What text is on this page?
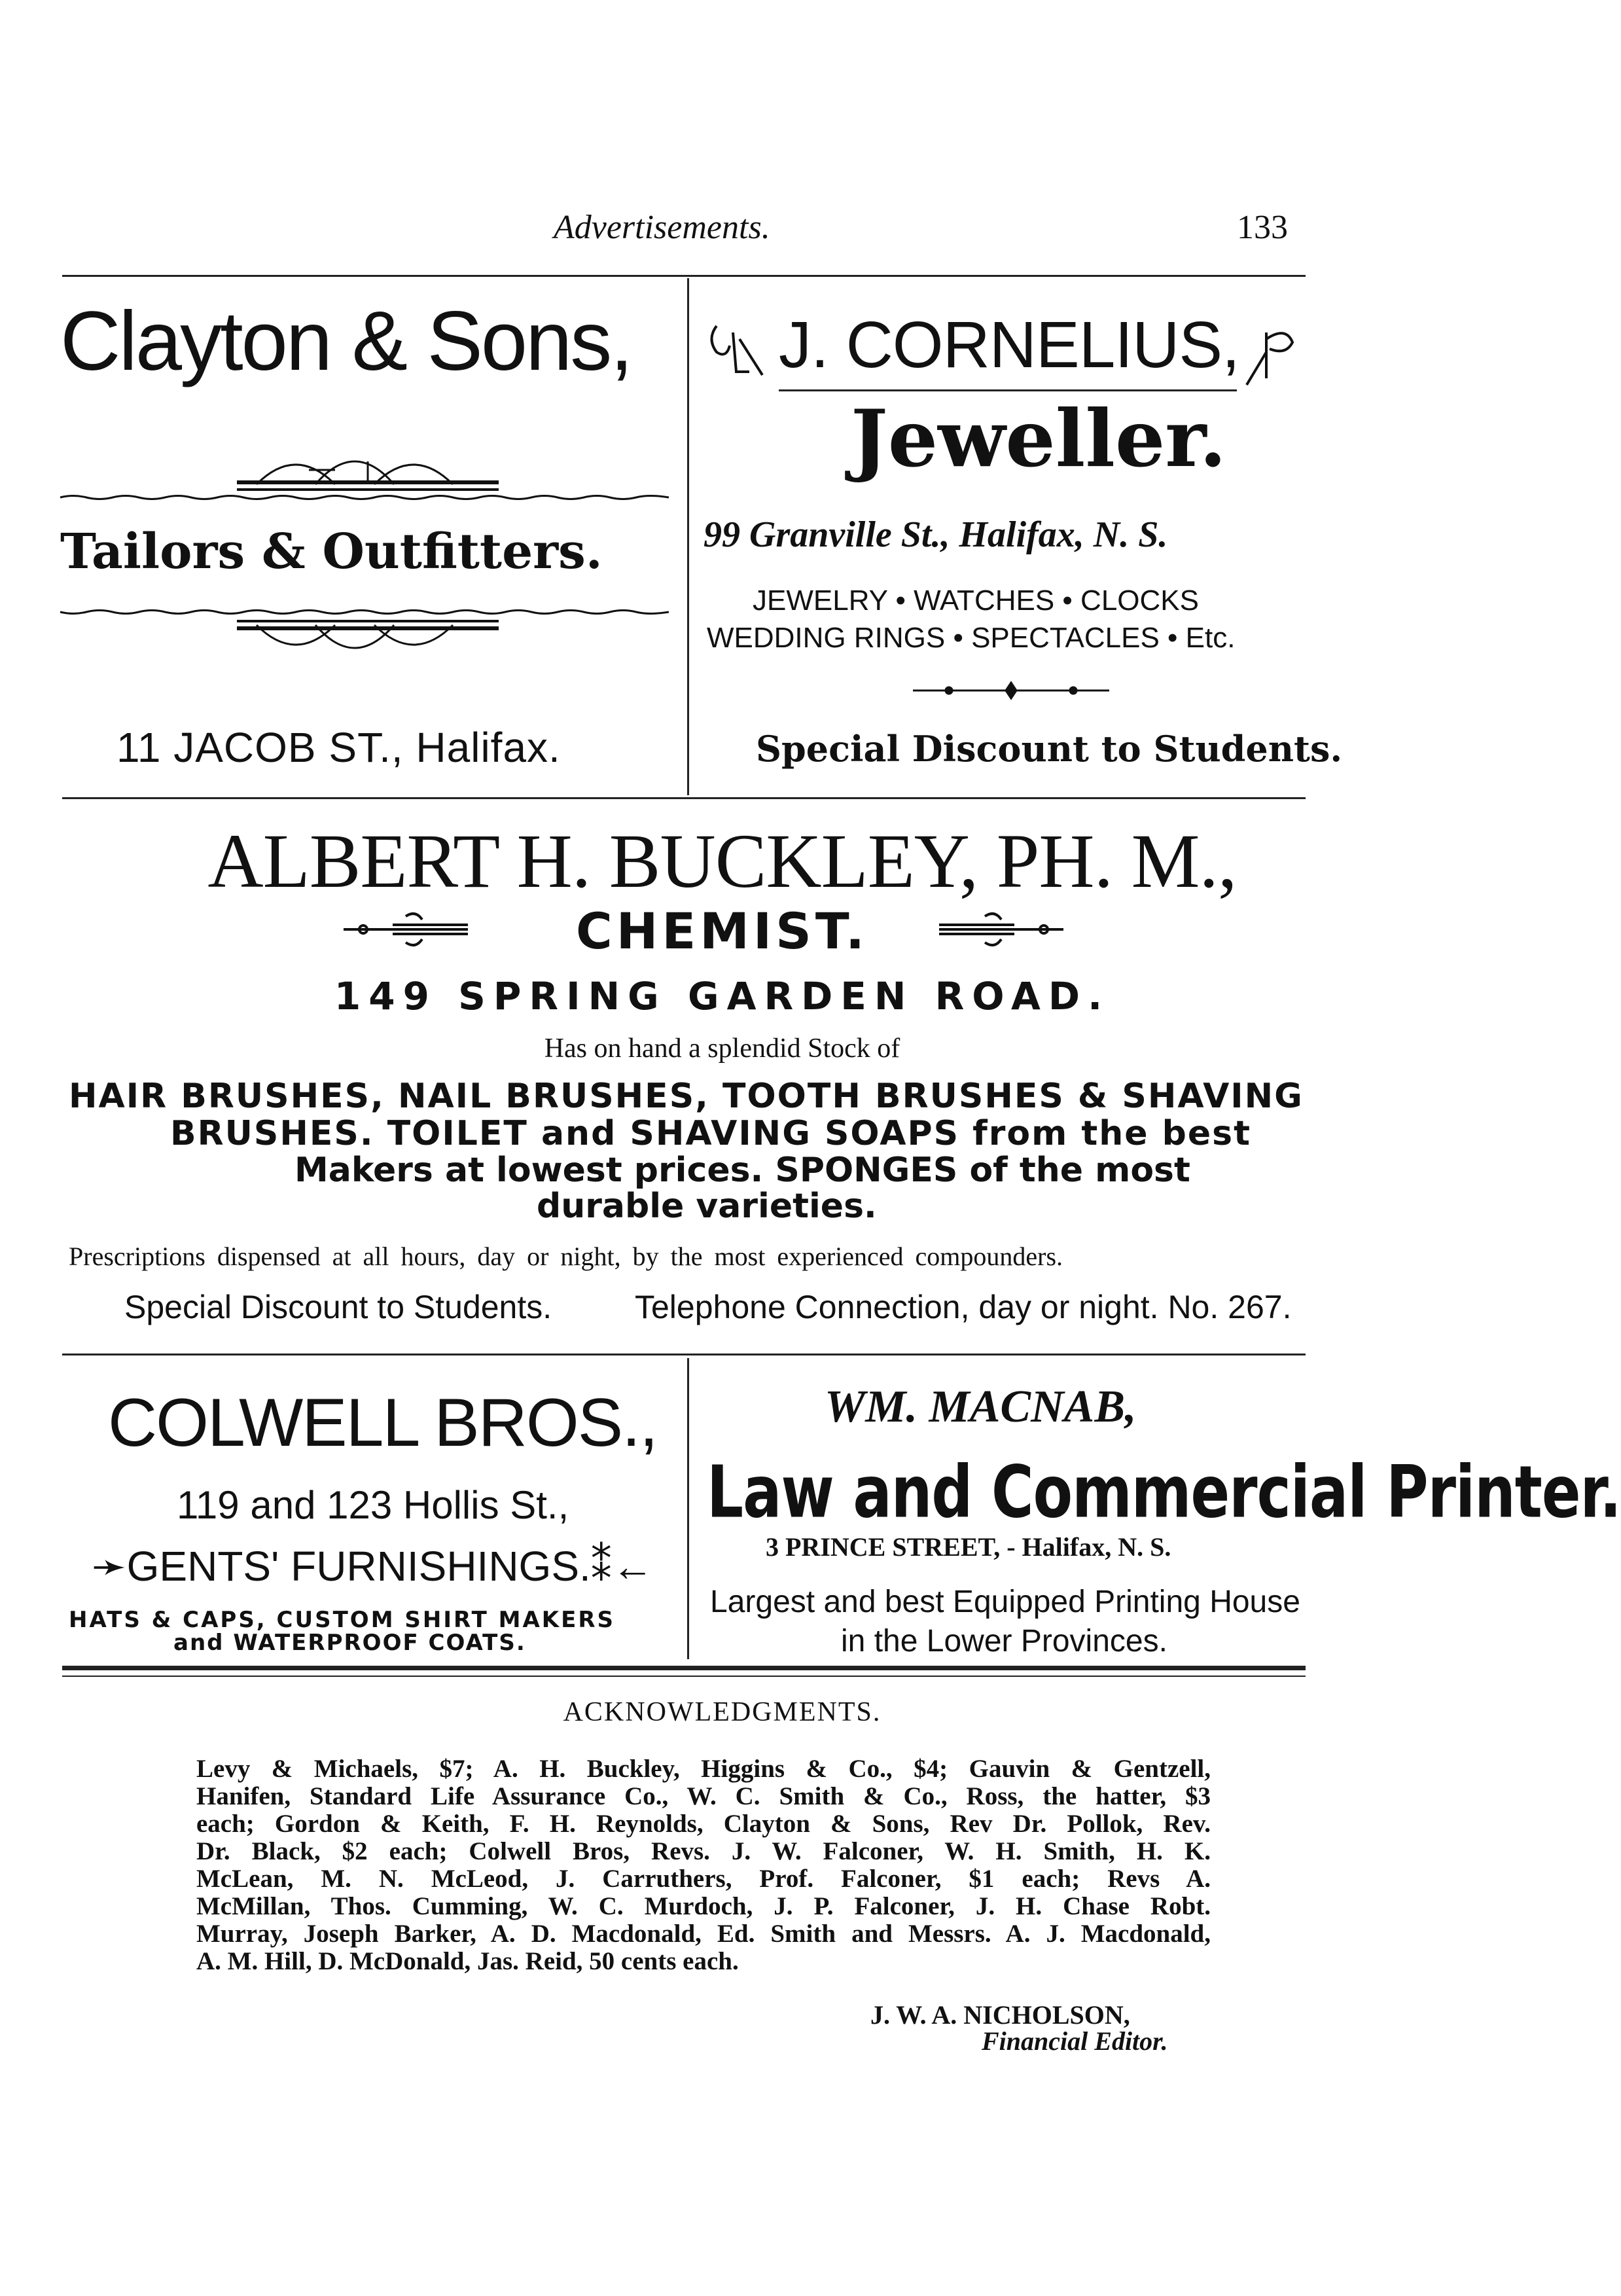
Advertisements.	133
Clayton & Sons,
Tailors & Outfitters.
11 JACOB ST., Halifax.
J. CORNELIUS,
Jeweller.
99 Granville St., Halifax, N. S.
JEWELRY • WATCHES • CLOCKS
WEDDING RINGS • SPECTACLES • Etc.
Special Discount to Students.
ALBERT H. BUCKLEY, PH. M.,
CHEMIST.
149 SPRING GARDEN ROAD.
Has on hand a splendid Stock of
HAIR BRUSHES, NAIL BRUSHES, TOOTH BRUSHES & SHAVING
BRUSHES. TOILET and SHAVING SOAPS from the best
Makers at lowest prices. SPONGES of the most
durable varieties.
Prescriptions dispensed at all hours, day or night, by the most experienced compounders.
Special Discount to Students.	Telephone Connection, day or night. No. 267.
COLWELL BROS.,
119 and 123 Hollis St.,
➛GENTS' FURNISHINGS.⁑←
HATS & CAPS, CUSTOM SHIRT MAKERS
and WATERPROOF COATS.
WM. MACNAB,
Law and Commercial Printer.
3 PRINCE STREET, - Halifax, N. S.
Largest and best Equipped Printing House
in the Lower Provinces.
ACKNOWLEDGMENTS.
Levy & Michaels, $7; A. H. Buckley, Higgins & Co., $4; Gauvin & Gentzell,
Hanifen, Standard Life Assurance Co., W. C. Smith & Co., Ross, the hatter, $3
each; Gordon & Keith, F. H. Reynolds, Clayton & Sons, Rev Dr. Pollok, Rev.
Dr. Black, $2 each; Colwell Bros, Revs. J. W. Falconer, W. H. Smith, H. K.
McLean, M. N. McLeod, J. Carruthers, Prof. Falconer, $1 each; Revs A.
McMillan, Thos. Cumming, W. C. Murdoch, J. P. Falconer, J. H. Chase Robt.
Murray, Joseph Barker, A. D. Macdonald, Ed. Smith and Messrs. A. J. Macdonald,
A. M. Hill, D. McDonald, Jas. Reid, 50 cents each.
J. W. A. NICHOLSON,
Financial Editor.
